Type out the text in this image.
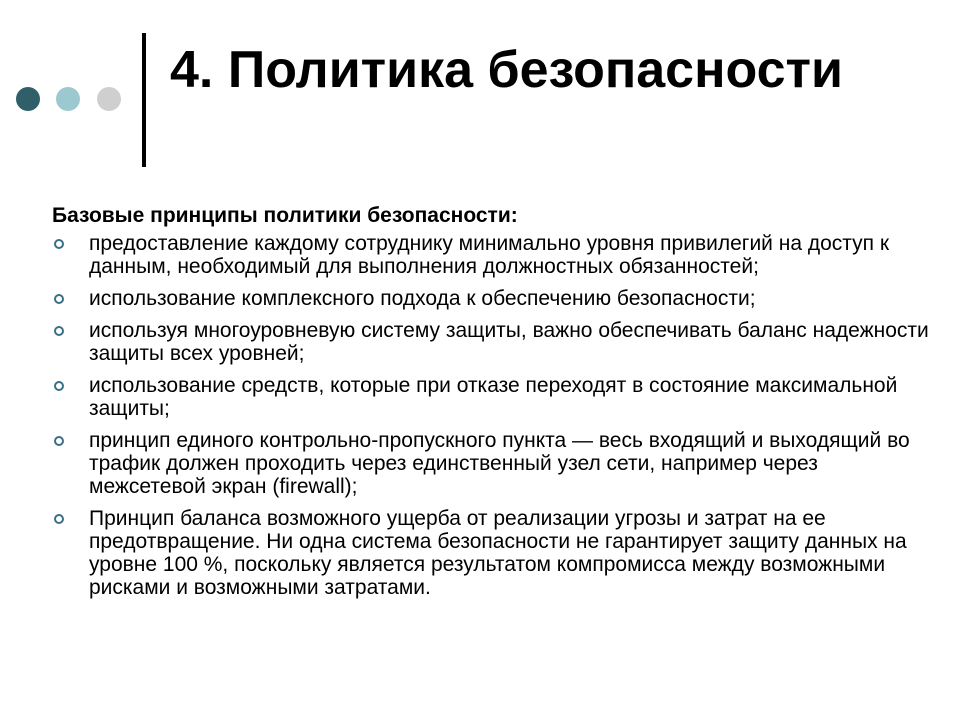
4. Политика безопасности

Базовые принципы политики безопасности:

предоставление каждому сотруднику минимально уровня привилегий на доступ к данным, необходимый для выполнения должностных обязанностей;
использование комплексного подхода к обеспечению безопасности;
используя многоуровневую систему защиты, важно обеспечивать баланс надежности защиты всех уровней;
использование средств, которые при отказе переходят в состояние максимальной защиты;
принцип единого контрольно-пропускного пункта — весь входящий и выходящий во трафик должен проходить через единственный узел сети, например через межсетевой экран (firewall);
Принцип баланса возможного ущерба от реализации угрозы и затрат на ее предотвращение. Ни одна система безопасности не гарантирует защиту данных на уровне 100 %, поскольку является результатом компромисса между возможными рисками и возможными затратами.
